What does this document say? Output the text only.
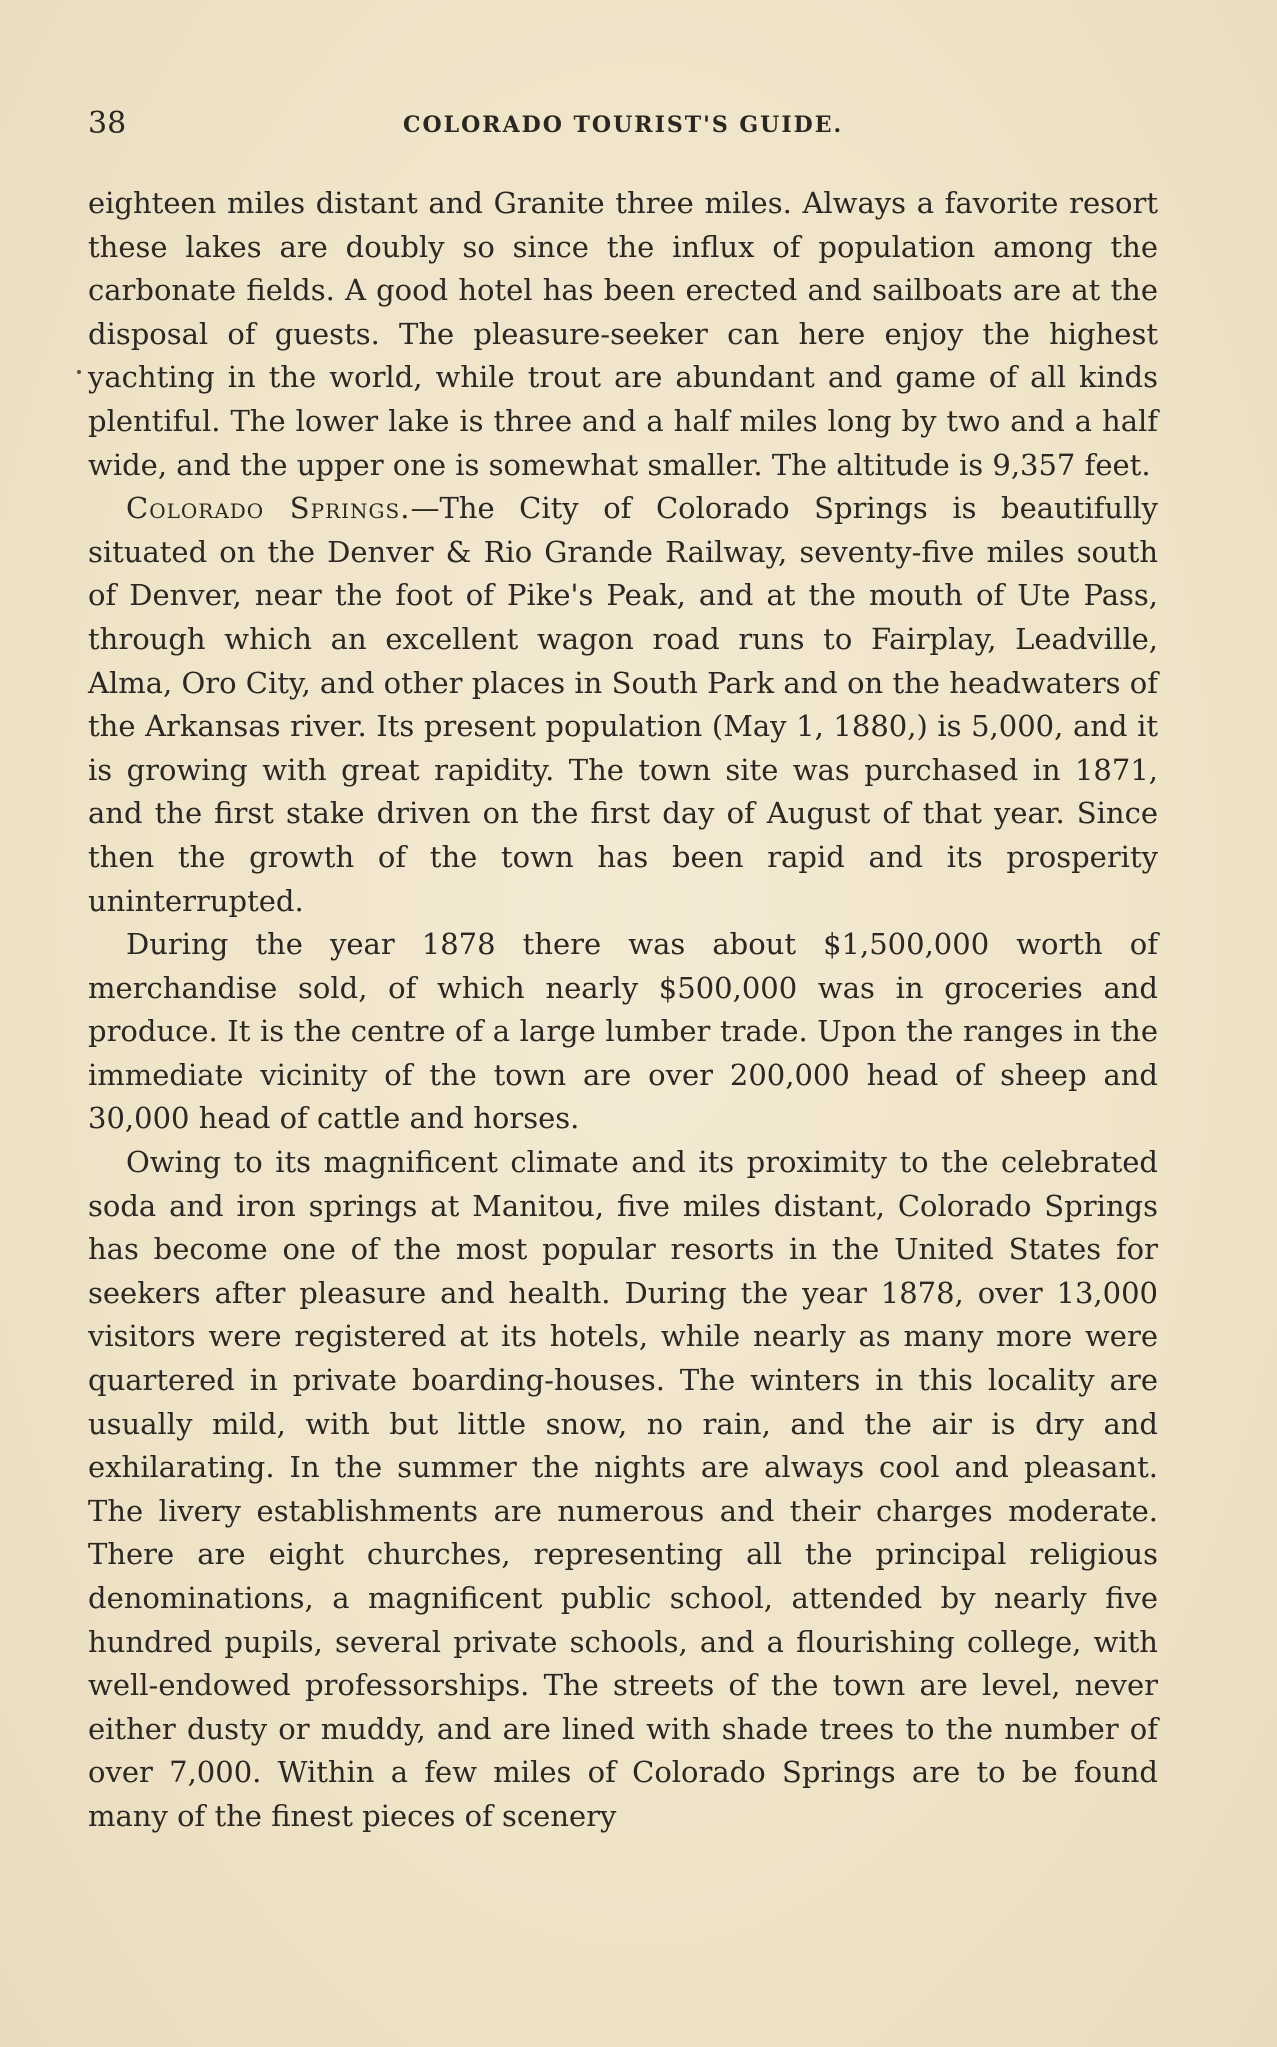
38	COLORADO TOURIST'S GUIDE.

eighteen miles distant and Granite three miles. Always a favorite resort these lakes are doubly so since the influx of population among the carbonate fields. A good hotel has been erected and sailboats are at the disposal of guests. The pleasure-seeker can here enjoy the highest yachting in the world, while trout are abundant and game of all kinds plentiful. The lower lake is three and a half miles long by two and a half wide, and the upper one is somewhat smaller. The altitude is 9,357 feet.

Colorado Springs.—The City of Colorado Springs is beautifully situated on the Denver & Rio Grande Railway, seventy-five miles south of Denver, near the foot of Pike's Peak, and at the mouth of Ute Pass, through which an excellent wagon road runs to Fairplay, Leadville, Alma, Oro City, and other places in South Park and on the headwaters of the Arkansas river. Its present population (May 1, 1880,) is 5,000, and it is growing with great rapidity. The town site was purchased in 1871, and the first stake driven on the first day of August of that year. Since then the growth of the town has been rapid and its prosperity uninterrupted.

During the year 1878 there was about $1,500,000 worth of merchandise sold, of which nearly $500,000 was in groceries and produce. It is the centre of a large lumber trade. Upon the ranges in the immediate vicinity of the town are over 200,000 head of sheep and 30,000 head of cattle and horses.

Owing to its magnificent climate and its proximity to the celebrated soda and iron springs at Manitou, five miles distant, Colorado Springs has become one of the most popular resorts in the United States for seekers after pleasure and health. During the year 1878, over 13,000 visitors were registered at its hotels, while nearly as many more were quartered in private boarding-houses. The winters in this locality are usually mild, with but little snow, no rain, and the air is dry and exhilarating. In the summer the nights are always cool and pleasant. The livery establishments are numerous and their charges moderate. There are eight churches, representing all the principal religious denominations, a magnificent public school, attended by nearly five hundred pupils, several private schools, and a flourishing college, with well-endowed professorships. The streets of the town are level, never either dusty or muddy, and are lined with shade trees to the number of over 7,000. Within a few miles of Colorado Springs are to be found many of the finest pieces of scenery
